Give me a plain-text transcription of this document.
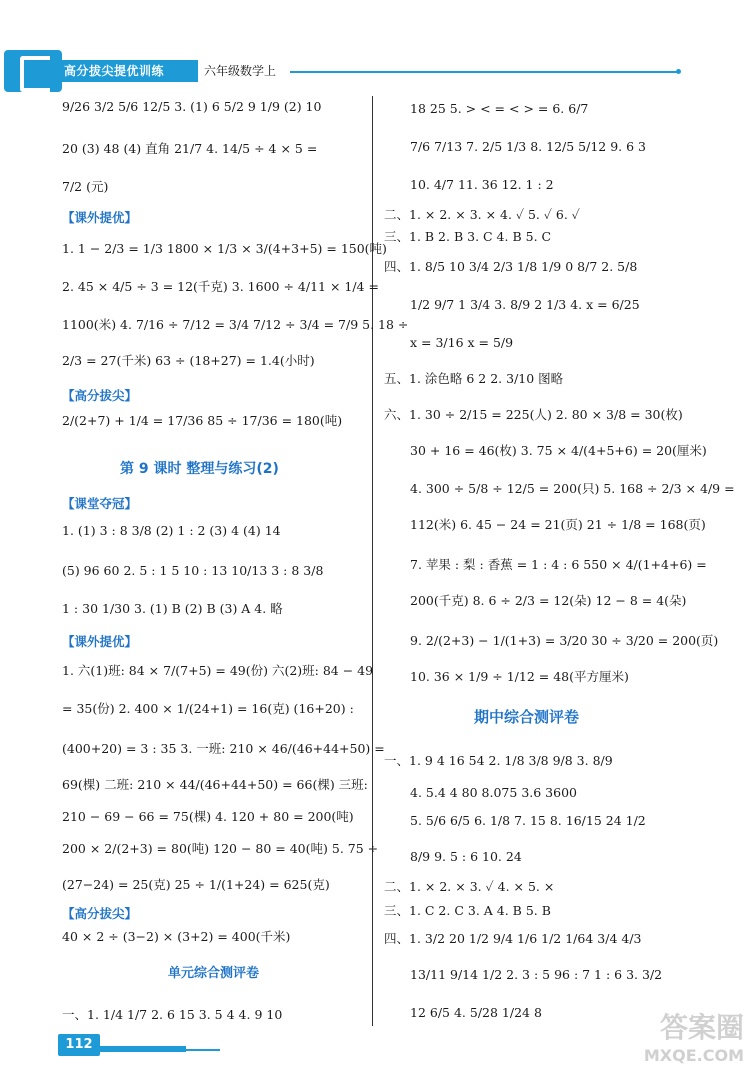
高分拔尖提优训练	六年级数学上
9/26 3/2 5/6 12/5 3. (1) 6 5/2 9 1/9 (2) 10
20 (3) 48 (4) 直角 21/7 4. 14/5 ÷ 4 × 5 =
7/2 (元)
【课外提优】
1. 1 − 2/3 = 1/3 1800 × 1/3 × 3/(4+3+5) = 150(吨)
2. 45 × 4/5 ÷ 3 = 12(千克) 3. 1600 ÷ 4/11 × 1/4 =
1100(米) 4. 7/16 ÷ 7/12 = 3/4 7/12 ÷ 3/4 = 7/9 5. 18 ÷
2/3 = 27(千米) 63 ÷ (18+27) = 1.4(小时)
【高分拔尖】
2/(2+7) + 1/4 = 17/36 85 ÷ 17/36 = 180(吨)
第 9 课时 整理与练习(2)
【课堂夺冠】
1. (1) 3 : 8 3/8 (2) 1 : 2 (3) 4 (4) 14
(5) 96 60 2. 5 : 1 5 10 : 13 10/13 3 : 8 3/8
1 : 30 1/30 3. (1) B (2) B (3) A 4. 略
【课外提优】
1. 六(1)班: 84 × 7/(7+5) = 49(份) 六(2)班: 84 − 49
= 35(份) 2. 400 × 1/(24+1) = 16(克) (16+20) :
(400+20) = 3 : 35 3. 一班: 210 × 46/(46+44+50) =
69(棵) 二班: 210 × 44/(46+44+50) = 66(棵) 三班:
210 − 69 − 66 = 75(棵) 4. 120 + 80 = 200(吨)
200 × 2/(2+3) = 80(吨) 120 − 80 = 40(吨) 5. 75 ÷
(27−24) = 25(克) 25 ÷ 1/(1+24) = 625(克)
【高分拔尖】
40 × 2 ÷ (3−2) × (3+2) = 400(千米)
单元综合测评卷
一、1. 1/4 1/7 2. 6 15 3. 5 4 4. 9 10
18 25 5. > < = < > = 6. 6/7
7/6 7/13 7. 2/5 1/3 8. 12/5 5/12 9. 6 3
10. 4/7 11. 36 12. 1 : 2
二、1. × 2. × 3. × 4. ✓ 5. ✓ 6. ✓
三、1. B 2. B 3. C 4. B 5. C
四、1. 8/5 10 3/4 2/3 1/8 1/9 0 8/7 2. 5/8
1/2 9/7 1 3/4 3. 8/9 2 1/3 4. x = 6/25
x = 3/16 x = 5/9
五、1. 涂色略 6 2 2. 3/10 图略
六、1. 30 ÷ 2/15 = 225(人) 2. 80 × 3/8 = 30(枚)
30 + 16 = 46(枚) 3. 75 × 4/(4+5+6) = 20(厘米)
4. 300 ÷ 5/8 ÷ 12/5 = 200(只) 5. 168 ÷ 2/3 × 4/9 =
112(米) 6. 45 − 24 = 21(页) 21 ÷ 1/8 = 168(页)
7. 苹果 : 梨 : 香蕉 = 1 : 4 : 6 550 × 4/(1+4+6) =
200(千克) 8. 6 ÷ 2/3 = 12(朵) 12 − 8 = 4(朵)
9. 2/(2+3) − 1/(1+3) = 3/20 30 ÷ 3/20 = 200(页)
10. 36 × 1/9 ÷ 1/12 = 48(平方厘米)
期中综合测评卷
一、1. 9 4 16 54 2. 1/8 3/8 9/8 3. 8/9
4. 5.4 4 80 8.075 3.6 3600
5. 5/6 6/5 6. 1/8 7. 15 8. 16/15 24 1/2
8/9 9. 5 : 6 10. 24
二、1. × 2. × 3. ✓ 4. × 5. ×
三、1. C 2. C 3. A 4. B 5. B
四、1. 3/2 20 1/2 9/4 1/6 1/2 1/64 3/4 4/3
13/11 9/14 1/2 2. 3 : 5 96 : 7 1 : 6 3. 3/2
12 6/5 4. 5/28 1/24 8
112
答案圈
MXQE.COM
